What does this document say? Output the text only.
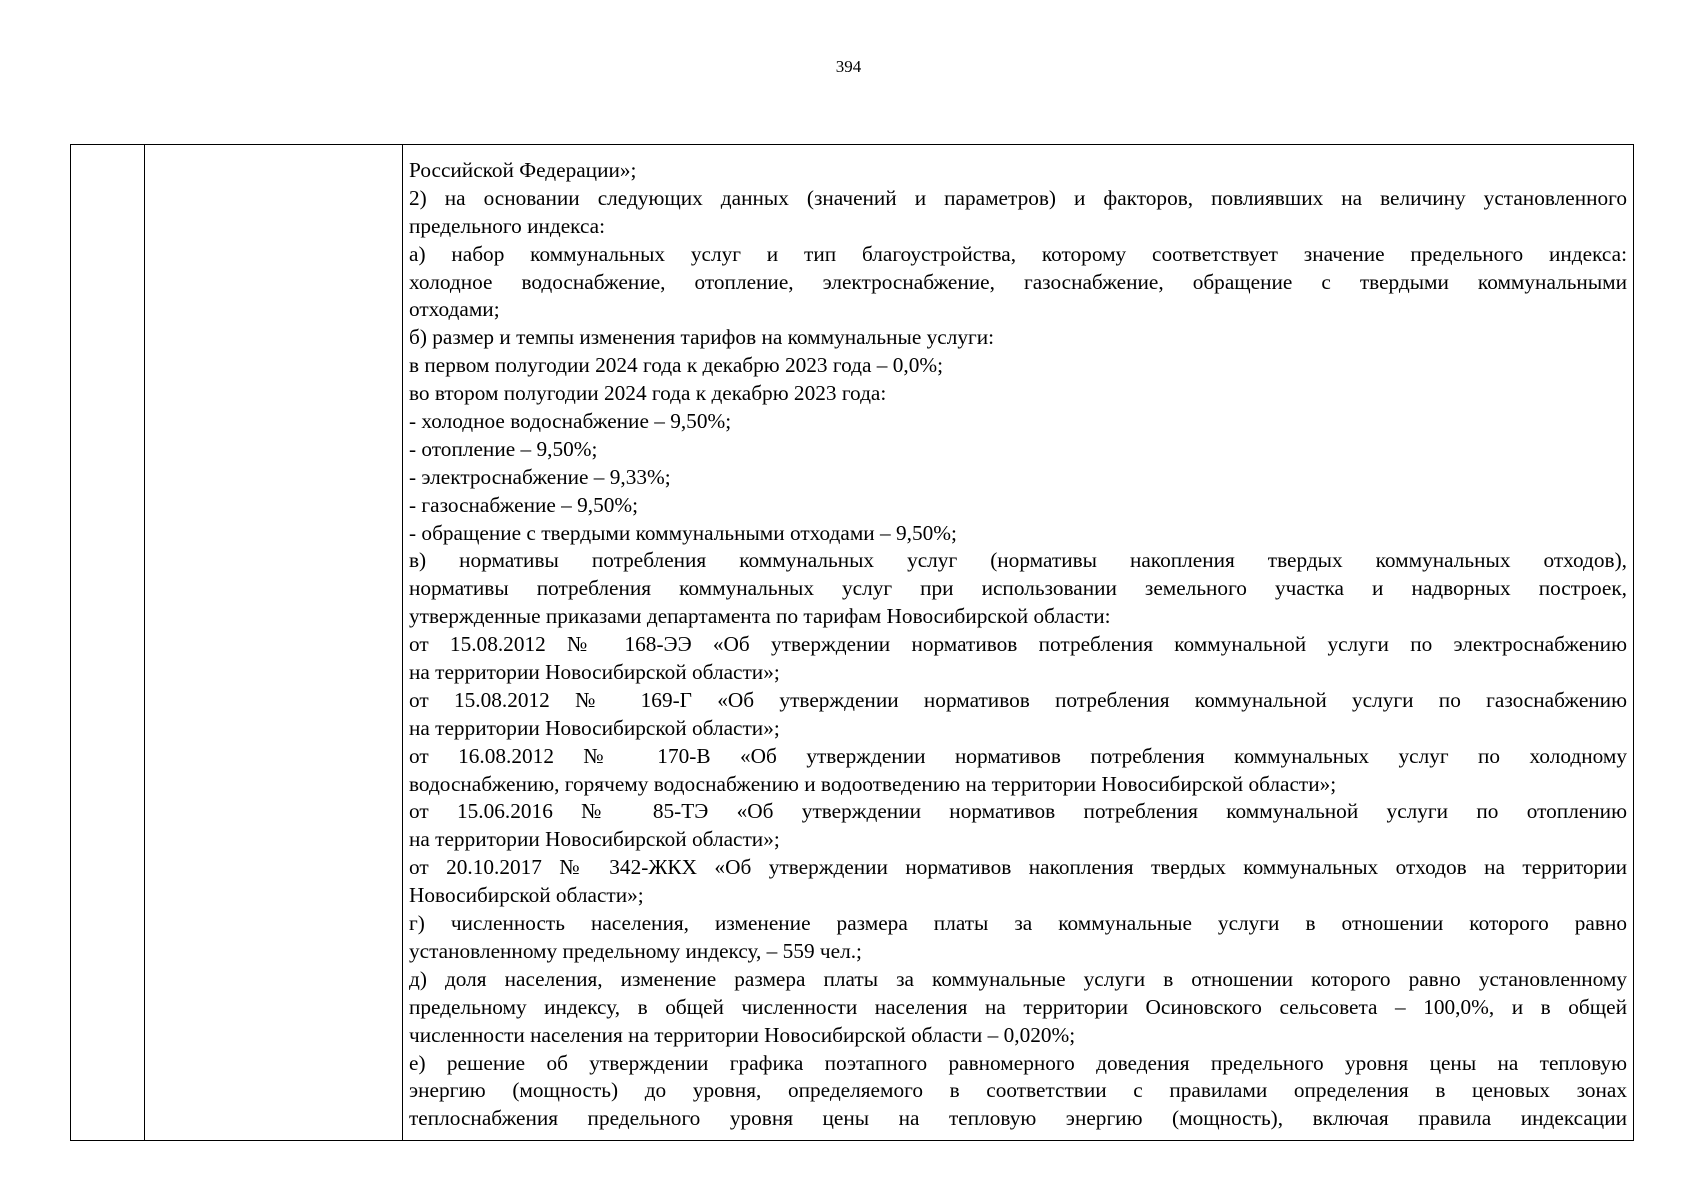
394

Российской Федерации»;
2) на основании следующих данных (значений и параметров) и факторов, повлиявших на величину установленного
предельного индекса:
а) набор коммунальных услуг и тип благоустройства, которому соответствует значение предельного индекса:
холодное водоснабжение, отопление, электроснабжение, газоснабжение, обращение с твердыми коммунальными
отходами;
б) размер и темпы изменения тарифов на коммунальные услуги:
в первом полугодии 2024 года к декабрю 2023 года – 0,0%;
во втором полугодии 2024 года к декабрю 2023 года:
- холодное водоснабжение – 9,50%;
- отопление – 9,50%;
- электроснабжение – 9,33%;
- газоснабжение – 9,50%;
- обращение с твердыми коммунальными отходами – 9,50%;
в) нормативы потребления коммунальных услуг (нормативы накопления твердых коммунальных отходов),
нормативы потребления коммунальных услуг при использовании земельного участка и надворных построек,
утвержденные приказами департамента по тарифам Новосибирской области:
от 15.08.2012 № 168-ЭЭ «Об утверждении нормативов потребления коммунальной услуги по электроснабжению
на территории Новосибирской области»;
от 15.08.2012 № 169-Г «Об утверждении нормативов потребления коммунальной услуги по газоснабжению
на территории Новосибирской области»;
от 16.08.2012 № 170-В «Об утверждении нормативов потребления коммунальных услуг по холодному
водоснабжению, горячему водоснабжению и водоотведению на территории Новосибирской области»;
от 15.06.2016 № 85-ТЭ «Об утверждении нормативов потребления коммунальной услуги по отоплению
на территории Новосибирской области»;
от 20.10.2017 № 342-ЖКХ «Об утверждении нормативов накопления твердых коммунальных отходов на территории
Новосибирской области»;
г) численность населения, изменение размера платы за коммунальные услуги в отношении которого равно
установленному предельному индексу, – 559 чел.;
д) доля населения, изменение размера платы за коммунальные услуги в отношении которого равно установленному
предельному индексу, в общей численности населения на территории Осиновского сельсовета – 100,0%, и в общей
численности населения на территории Новосибирской области – 0,020%;
е) решение об утверждении графика поэтапного равномерного доведения предельного уровня цены на тепловую
энергию (мощность) до уровня, определяемого в соответствии с правилами определения в ценовых зонах
теплоснабжения предельного уровня цены на тепловую энергию (мощность), включая правила индексации
